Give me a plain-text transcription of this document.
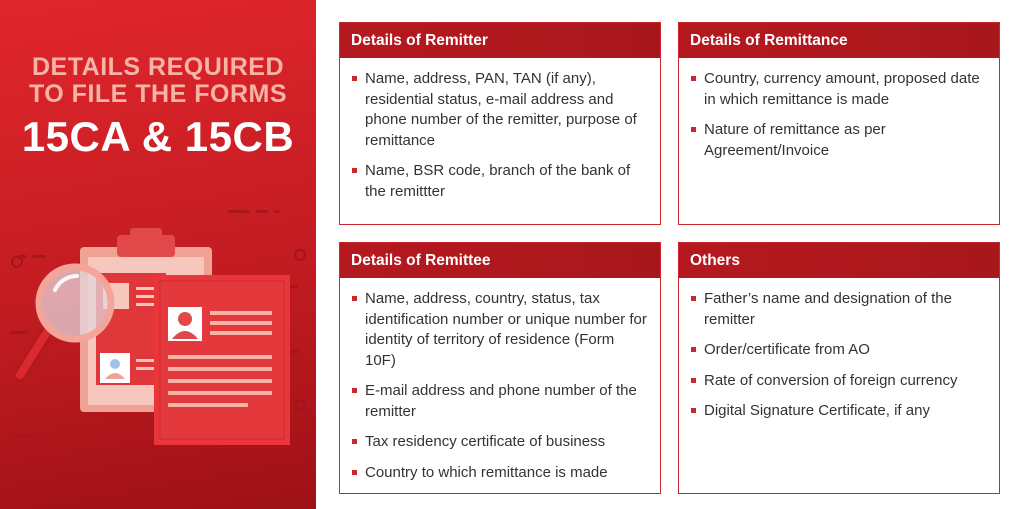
DETAILS REQUIRED
TO FILE THE FORMS
15CA & 15CB
Details of Remitter
Name, address, PAN, TAN (if any), residential status, e-mail address and phone number of the remitter, purpose of remittance
Name, BSR code, branch of the bank of the remittter
Details of Remittance
Country, currency amount, proposed date in which remittance is made
Nature of remittance as per Agreement/Invoice
Details of Remittee
Name, address, country, status, tax identification number or unique number for identity of territory of residence (Form 10F)
E-mail address and phone number of the remitter
Tax residency certificate of business
Country to which remittance is made
Others
Father’s name and designation of the remitter
Order/certificate from AO
Rate of conversion of foreign currency
Digital Signature Certificate, if any
